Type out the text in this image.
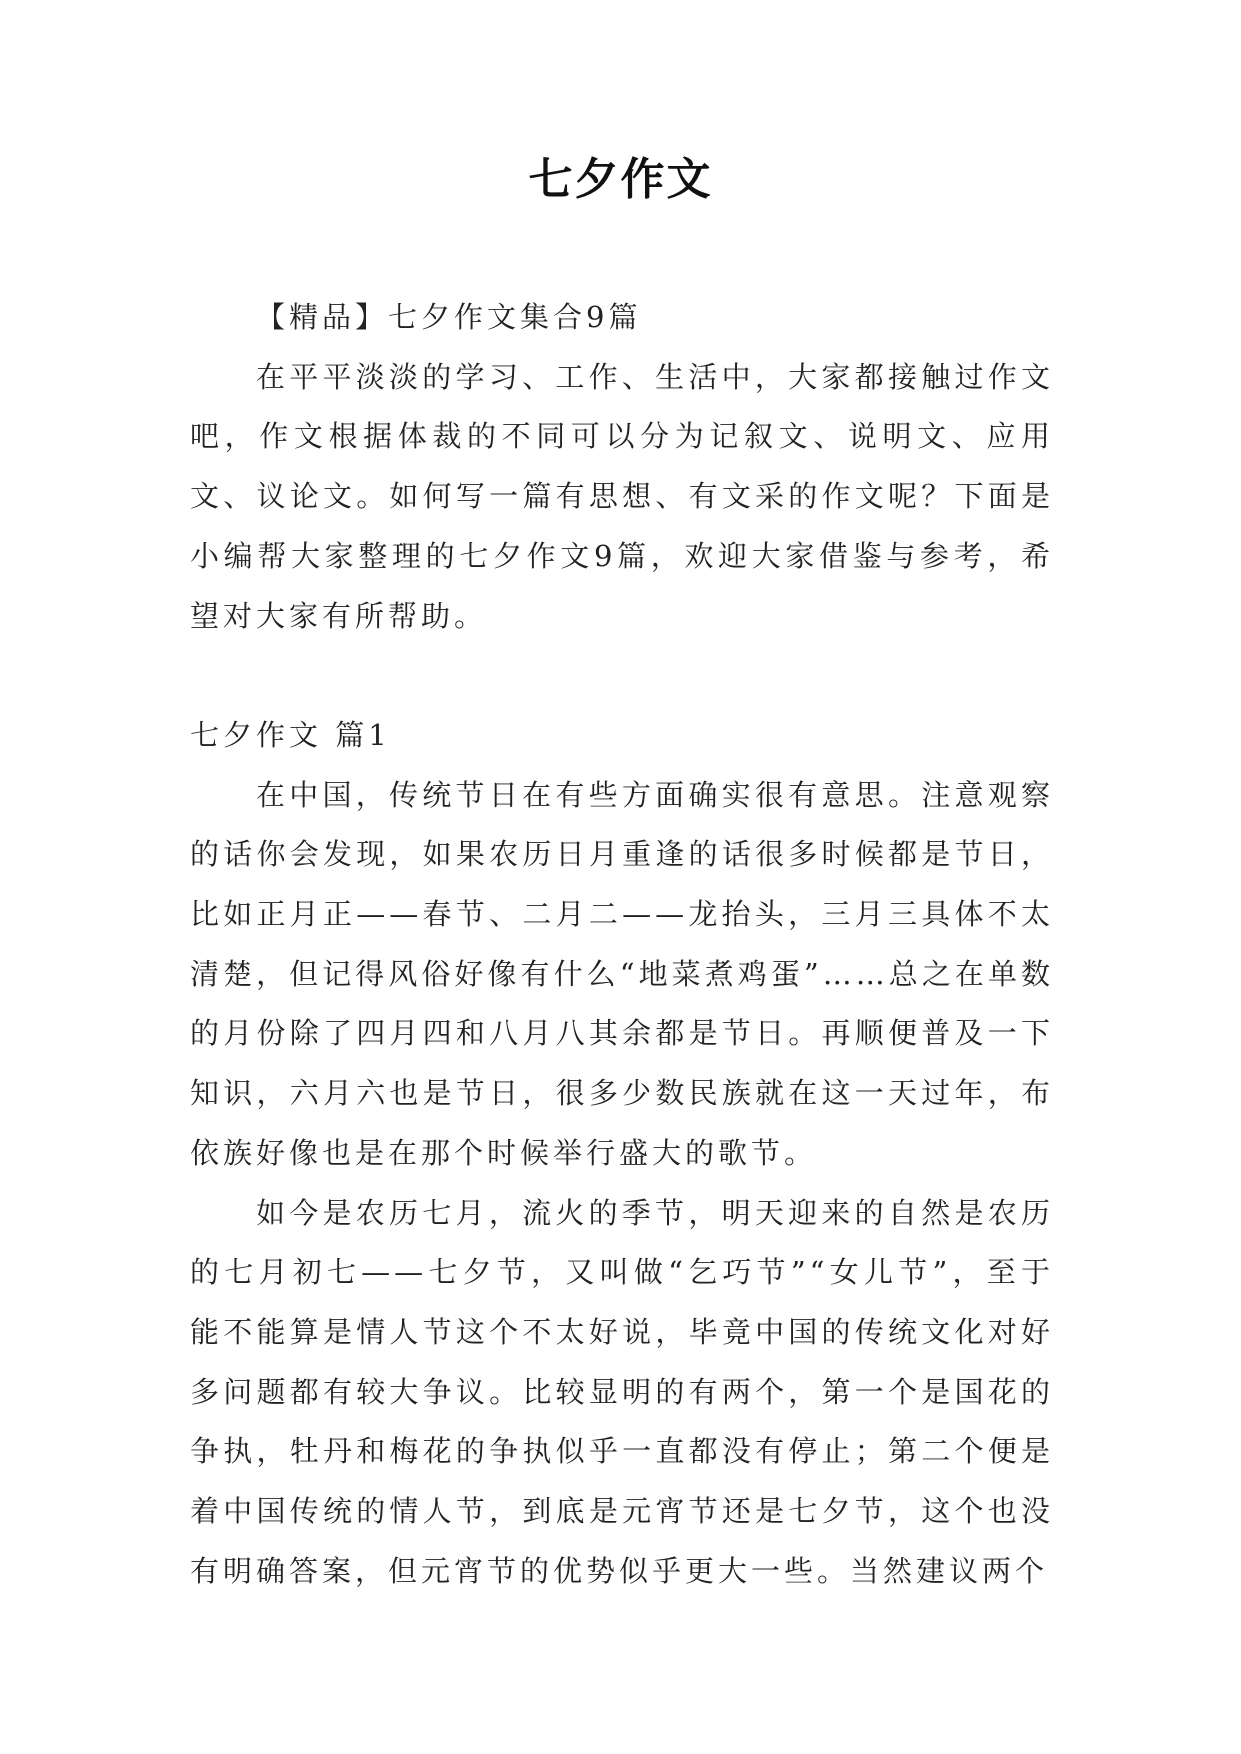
七夕作文

【精品】七夕作文集合9篇

在平平淡淡的学习、工作、生活中，大家都接触过作文吧，作文根据体裁的不同可以分为记叙文、说明文、应用文、议论文。如何写一篇有思想、有文采的作文呢？下面是小编帮大家整理的七夕作文9篇，欢迎大家借鉴与参考，希望对大家有所帮助。

七夕作文 篇1

在中国，传统节日在有些方面确实很有意思。注意观察的话你会发现，如果农历日月重逢的话很多时候都是节日，比如正月正——春节、二月二——龙抬头，三月三具体不太清楚，但记得风俗好像有什么“地菜煮鸡蛋”……总之在单数的月份除了四月四和八月八其余都是节日。再顺便普及一下知识，六月六也是节日，很多少数民族就在这一天过年，布依族好像也是在那个时候举行盛大的歌节。

如今是农历七月，流火的季节，明天迎来的自然是农历的七月初七——七夕节，又叫做“乞巧节”“女儿节”，至于能不能算是情人节这个不太好说，毕竟中国的传统文化对好多问题都有较大争议。比较显明的有两个，第一个是国花的争执，牡丹和梅花的争执似乎一直都没有停止；第二个便是着中国传统的情人节，到底是元宵节还是七夕节，这个也没有明确答案，但元宵节的优势似乎更大一些。当然建议两个
